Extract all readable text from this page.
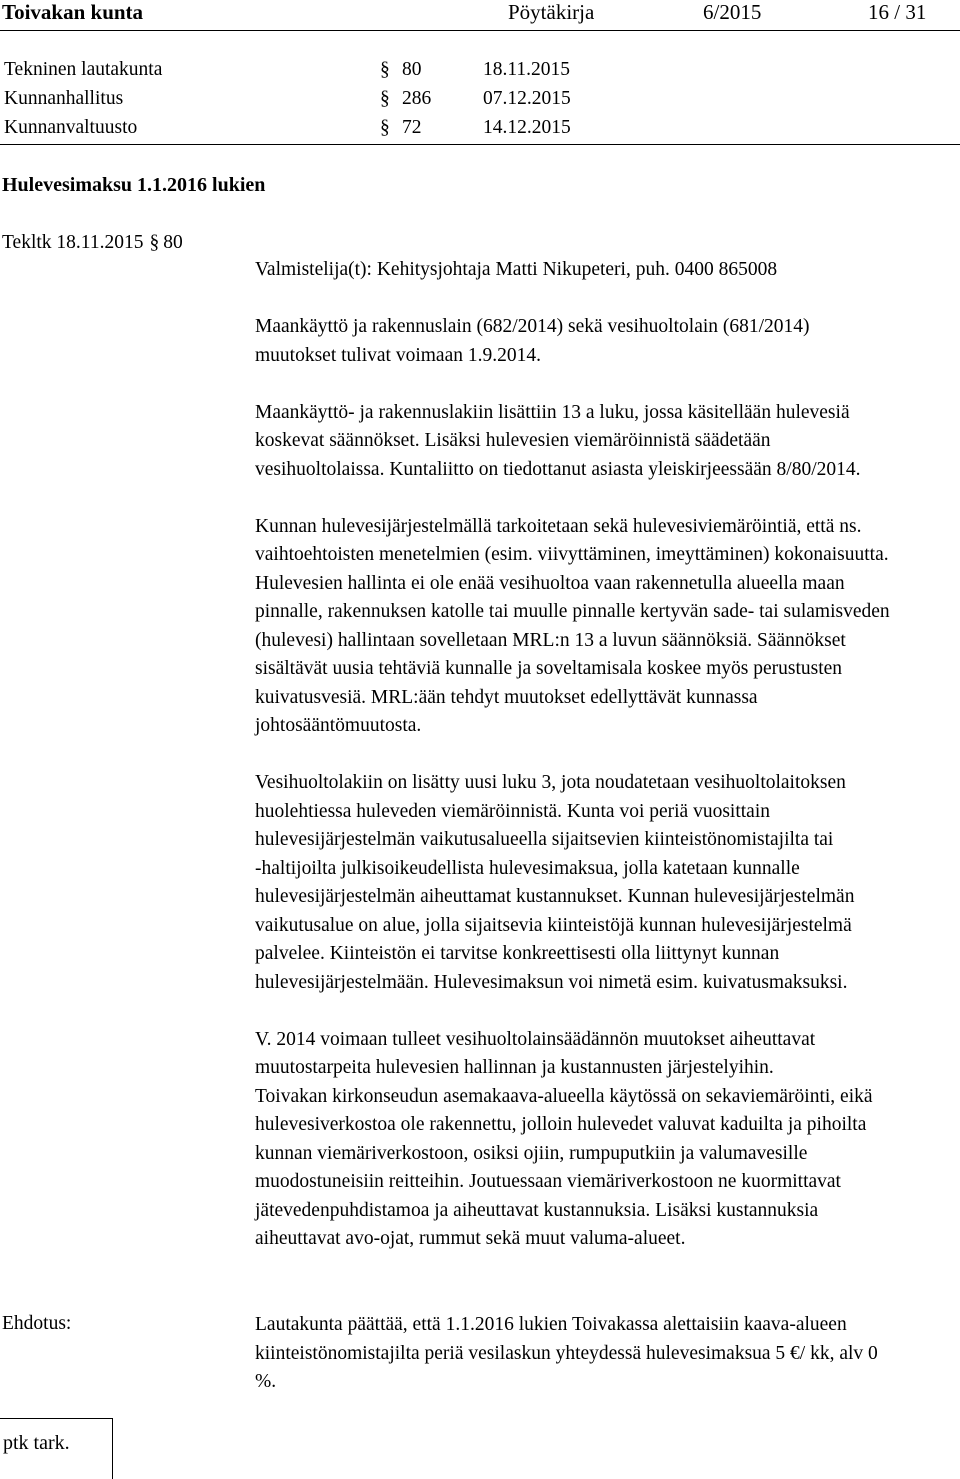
Toivakan kunta	Pöytäkirja	6/2015	16 / 31
Tekninen lautakunta	§ 80	18.11.2015
Kunnanhallitus	§ 286	07.12.2015
Kunnanvaltuusto	§ 72	14.12.2015
Hulevesimaksu 1.1.2016 lukien
Tekltk 18.11.2015 § 80

Valmistelija(t): Kehitysjohtaja Matti Nikupeteri, puh. 0400 865008

Maankäyttö ja rakennuslain (682/2014) sekä vesihuoltolain (681/2014)
muutokset tulivat voimaan 1.9.2014.

Maankäyttö- ja rakennuslakiin lisättiin 13 a luku, jossa käsitellään hulevesiä
koskevat säännökset. Lisäksi hulevesien viemäröinnistä säädetään
vesihuoltolaissa. Kuntaliitto on tiedottanut asiasta yleiskirjeessään 8/80/2014.

Kunnan hulevesijärjestelmällä tarkoitetaan sekä hulevesiviemäröintiä, että ns.
vaihtoehtoisten menetelmien (esim. viivyttäminen, imeyttäminen) kokonaisuutta.
Hulevesien hallinta ei ole enää vesihuoltoa vaan rakennetulla alueella maan
pinnalle, rakennuksen katolle tai muulle pinnalle kertyvän sade- tai sulamisveden
(hulevesi) hallintaan sovelletaan MRL:n 13 a luvun säännöksiä. Säännökset
sisältävät uusia tehtäviä kunnalle ja soveltamisala koskee myös perustusten
kuivatusvesiä. MRL:ään tehdyt muutokset edellyttävät kunnassa
johtosääntömuutosta.

Vesihuoltolakiin on lisätty uusi luku 3, jota noudatetaan vesihuoltolaitoksen
huolehtiessa huleveden viemäröinnistä. Kunta voi periä vuosittain
hulevesijärjestelmän vaikutusalueella sijaitsevien kiinteistönomistajilta tai
-haltijoilta julkisoikeudellista hulevesimaksua, jolla katetaan kunnalle
hulevesijärjestelmän aiheuttamat kustannukset. Kunnan hulevesijärjestelmän
vaikutusalue on alue, jolla sijaitsevia kiinteistöjä kunnan hulevesijärjestelmä
palvelee. Kiinteistön ei tarvitse konkreettisesti olla liittynyt kunnan
hulevesijärjestelmään. Hulevesimaksun voi nimetä esim. kuivatusmaksuksi.

V. 2014 voimaan tulleet vesihuoltolainsäädännön muutokset aiheuttavat
muutostarpeita hulevesien hallinnan ja kustannusten järjestelyihin.
Toivakan kirkonseudun asemakaava-alueella käytössä on sekaviemäröinti, eikä
hulevesiverkostoa ole rakennettu, jolloin hulevedet valuvat kaduilta ja pihoilta
kunnan viemäriverkostoon, osiksi ojiin, rumpuputkiin ja valumavesille
muodostuneisiin reitteihin. Joutuessaan viemäriverkostoon ne kuormittavat
jätevedenpuhdistamoa ja aiheuttavat kustannuksia. Lisäksi kustannuksia
aiheuttavat avo-ojat, rummut sekä muut valuma-alueet.

Ehdotus:	Lautakunta päättää, että 1.1.2016 lukien Toivakassa alettaisiin kaava-alueen
kiinteistönomistajilta periä vesilaskun yhteydessä hulevesimaksua 5 €/ kk, alv 0
%.
ptk tark.
